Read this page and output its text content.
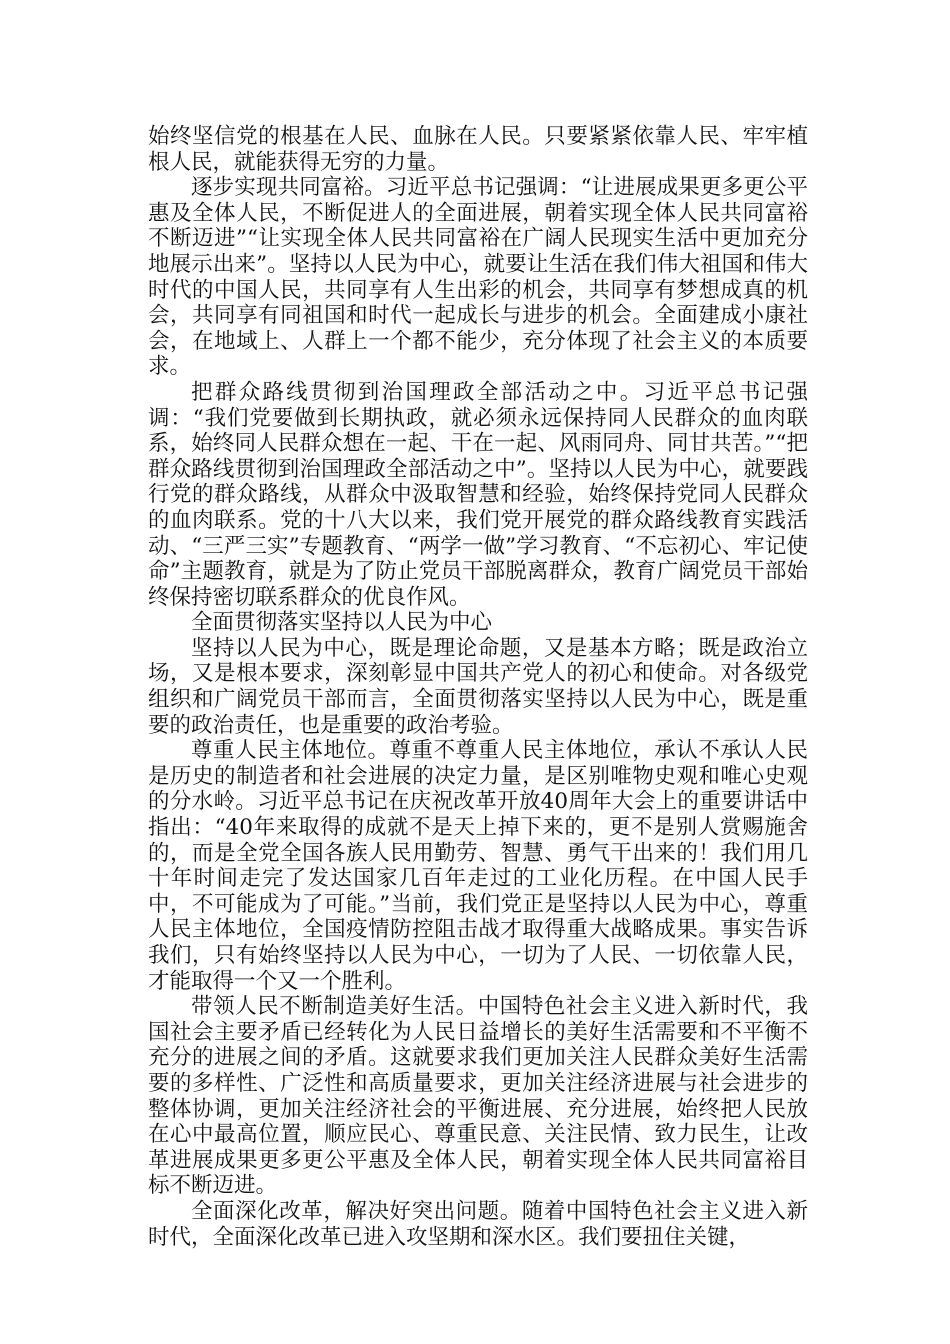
始终坚信党的根基在人民、血脉在人民。只要紧紧依靠人民、牢牢植根人民，就能获得无穷的力量。

逐步实现共同富裕。习近平总书记强调：“让进展成果更多更公平惠及全体人民，不断促进人的全面进展，朝着实现全体人民共同富裕不断迈进”“让实现全体人民共同富裕在广阔人民现实生活中更加充分地展示出来”。坚持以人民为中心，就要让生活在我们伟大祖国和伟大时代的中国人民，共同享有人生出彩的机会，共同享有梦想成真的机会，共同享有同祖国和时代一起成长与进步的机会。全面建成小康社会，在地域上、人群上一个都不能少，充分体现了社会主义的本质要求。

把群众路线贯彻到治国理政全部活动之中。习近平总书记强调：“我们党要做到长期执政，就必须永远保持同人民群众的血肉联系，始终同人民群众想在一起、干在一起、风雨同舟、同甘共苦。”“把群众路线贯彻到治国理政全部活动之中”。坚持以人民为中心，就要践行党的群众路线，从群众中汲取智慧和经验，始终保持党同人民群众的血肉联系。党的十八大以来，我们党开展党的群众路线教育实践活动、“三严三实”专题教育、“两学一做”学习教育、“不忘初心、牢记使命”主题教育，就是为了防止党员干部脱离群众，教育广阔党员干部始终保持密切联系群众的优良作风。

全面贯彻落实坚持以人民为中心

坚持以人民为中心，既是理论命题，又是基本方略；既是政治立场，又是根本要求，深刻彰显中国共产党人的初心和使命。对各级党组织和广阔党员干部而言，全面贯彻落实坚持以人民为中心，既是重要的政治责任，也是重要的政治考验。

尊重人民主体地位。尊重不尊重人民主体地位，承认不承认人民是历史的制造者和社会进展的决定力量，是区别唯物史观和唯心史观的分水岭。习近平总书记在庆祝改革开放40周年大会上的重要讲话中指出：“40年来取得的成就不是天上掉下来的，更不是别人赏赐施舍的，而是全党全国各族人民用勤劳、智慧、勇气干出来的！我们用几十年时间走完了发达国家几百年走过的工业化历程。在中国人民手中，不可能成为了可能。”当前，我们党正是坚持以人民为中心，尊重人民主体地位，全国疫情防控阻击战才取得重大战略成果。事实告诉我们，只有始终坚持以人民为中心，一切为了人民、一切依靠人民，才能取得一个又一个胜利。

带领人民不断制造美好生活。中国特色社会主义进入新时代，我国社会主要矛盾已经转化为人民日益增长的美好生活需要和不平衡不充分的进展之间的矛盾。这就要求我们更加关注人民群众美好生活需要的多样性、广泛性和高质量要求，更加关注经济进展与社会进步的整体协调，更加关注经济社会的平衡进展、充分进展，始终把人民放在心中最高位置，顺应民心、尊重民意、关注民情、致力民生，让改革进展成果更多更公平惠及全体人民，朝着实现全体人民共同富裕目标不断迈进。

全面深化改革，解决好突出问题。随着中国特色社会主义进入新时代，全面深化改革已进入攻坚期和深水区。我们要扭住关键，
